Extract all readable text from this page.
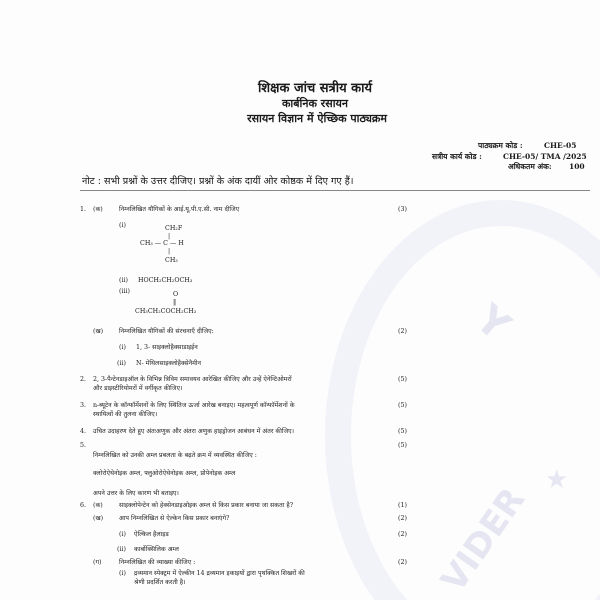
★
Y
VIDER
शिक्षक जांच सत्रीय कार्य
कार्बनिक रसायन
रसायन विज्ञान में ऐच्छिक पाठ्यक्रम
पाठ्यक्रम कोड :	CHE-05
सत्रीय कार्य कोड :	CHE-05/ TMA /2025
अधिकतम अंक: 100
नोट : सभी प्रश्नों के उत्तर दीजिए। प्रश्नों के अंक दायीं ओर कोष्ठक में दिए गए हैं।
1. (क)	निम्नलिखित यौगिकों के आई.यू.पी.ए.सी. नाम दीजिए	(3)
(i)	CH₂F
|
CH₃ — C — H
|
CH₃
(ii) HOCH₂CH₂OCH₃
(iii)	O
‖
CH₃CH₂COCH₂CH₃
(ख)	निम्नलिखित यौगिकों की संरचनाएँ दीजिए:	(2)
(i) 1, 3- साइक्लोहैक्साडाइईन
(ii) N- मेथिलसाइक्लोहैक्सेनैमीन
2. 2, 3-पैन्टेनडाइऑल के विभिन्न त्रिविम समावयव आरेखित कीजिए और उन्हें ऐनेन्टिओमरों
और डाइस्टीरियोमरों में वर्गीकृत कीजिए।
(5)
3. n-ब्यूटेन के कॉन्फॉर्मेशनों के लिए स्थितिज ऊर्जा आरेख बनाइए। महत्वपूर्ण कॉन्फॉर्मेशनों के
स्थायित्वों की तुलना कीजिए।
(5)
4. उचित उदाहरण देते हुए अंतःअणुक और अंतरा अणुक हाइड्रोजन आबंधन में अंतर कीजिए।	(5)
5.	(5)
निम्नलिखित को उनकी अम्ल प्रबलता के बढ़ते क्रम में व्यवस्थित कीजिए :
क्लोरोऐथेनोइक अम्ल, फ्लुओरोऐथेनोइक अम्ल, प्रोपेनोइक अम्ल
अपने उत्तर के लिए कारण भी बताइए।
6. (क)	साइक्लोपेन्टेन को हेक्सेनडाइओइक अम्ल से किस प्रकार बनाया जा सकता है?	(1)
(ख)	आप निम्नलिखित से ऐल्केन किस प्रकार बनाएंगे?	(2)
(i) ऐल्किल हैलाइड	(2)
(ii) कार्बोक्सिलिक अम्ल
(ग)	निम्नलिखित की व्याख्या कीजिए :	(2)
(i) द्रव्यमान स्पेक्ट्रम में ऐल्कीन 14 द्रव्यमान इकाइयों द्वारा पृथक्कित शिखरों की
श्रेणी प्रदर्शित करती है।
